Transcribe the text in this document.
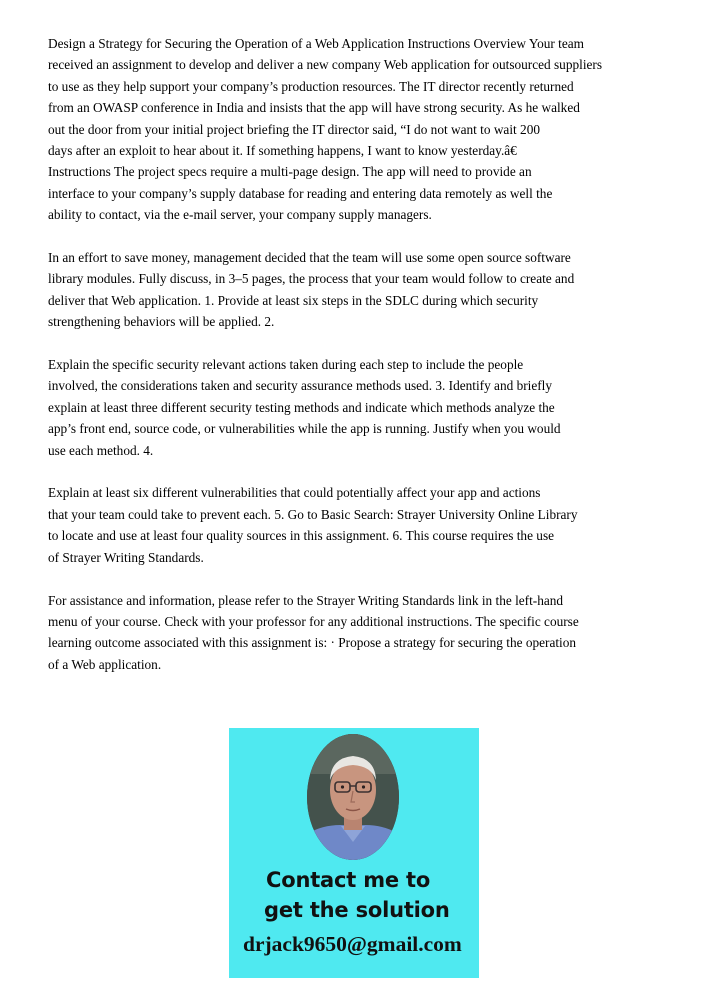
Design a Strategy for Securing the Operation of a Web Application Instructions Overview Your team
received an assignment to develop and deliver a new company Web application for outsourced suppliers
to use as they help support your company’s production resources. The IT director recently returned
from an OWASP conference in India and insists that the app will have strong security. As he walked
out the door from your initial project briefing the IT director said, “I do not want to wait 200
days after an exploit to hear about it. If something happens, I want to know yesterday.â€
Instructions The project specs require a multi-page design. The app will need to provide an
interface to your company’s supply database for reading and entering data remotely as well the
ability to contact, via the e-mail server, your company supply managers.

In an effort to save money, management decided that the team will use some open source software
library modules. Fully discuss, in 3–5 pages, the process that your team would follow to create and
deliver that Web application. 1. Provide at least six steps in the SDLC during which security
strengthening behaviors will be applied. 2.

Explain the specific security relevant actions taken during each step to include the people
involved, the considerations taken and security assurance methods used. 3. Identify and briefly
explain at least three different security testing methods and indicate which methods analyze the
app’s front end, source code, or vulnerabilities while the app is running. Justify when you would
use each method. 4.

Explain at least six different vulnerabilities that could potentially affect your app and actions
that your team could take to prevent each. 5. Go to Basic Search: Strayer University Online Library
to locate and use at least four quality sources in this assignment. 6. This course requires the use
of Strayer Writing Standards.

For assistance and information, please refer to the Strayer Writing Standards link in the left-hand
menu of your course. Check with your professor for any additional instructions. The specific course
learning outcome associated with this assignment is: · Propose a strategy for securing the operation
of a Web application.

Contact me to
get the solution
drjack9650@gmail.com
